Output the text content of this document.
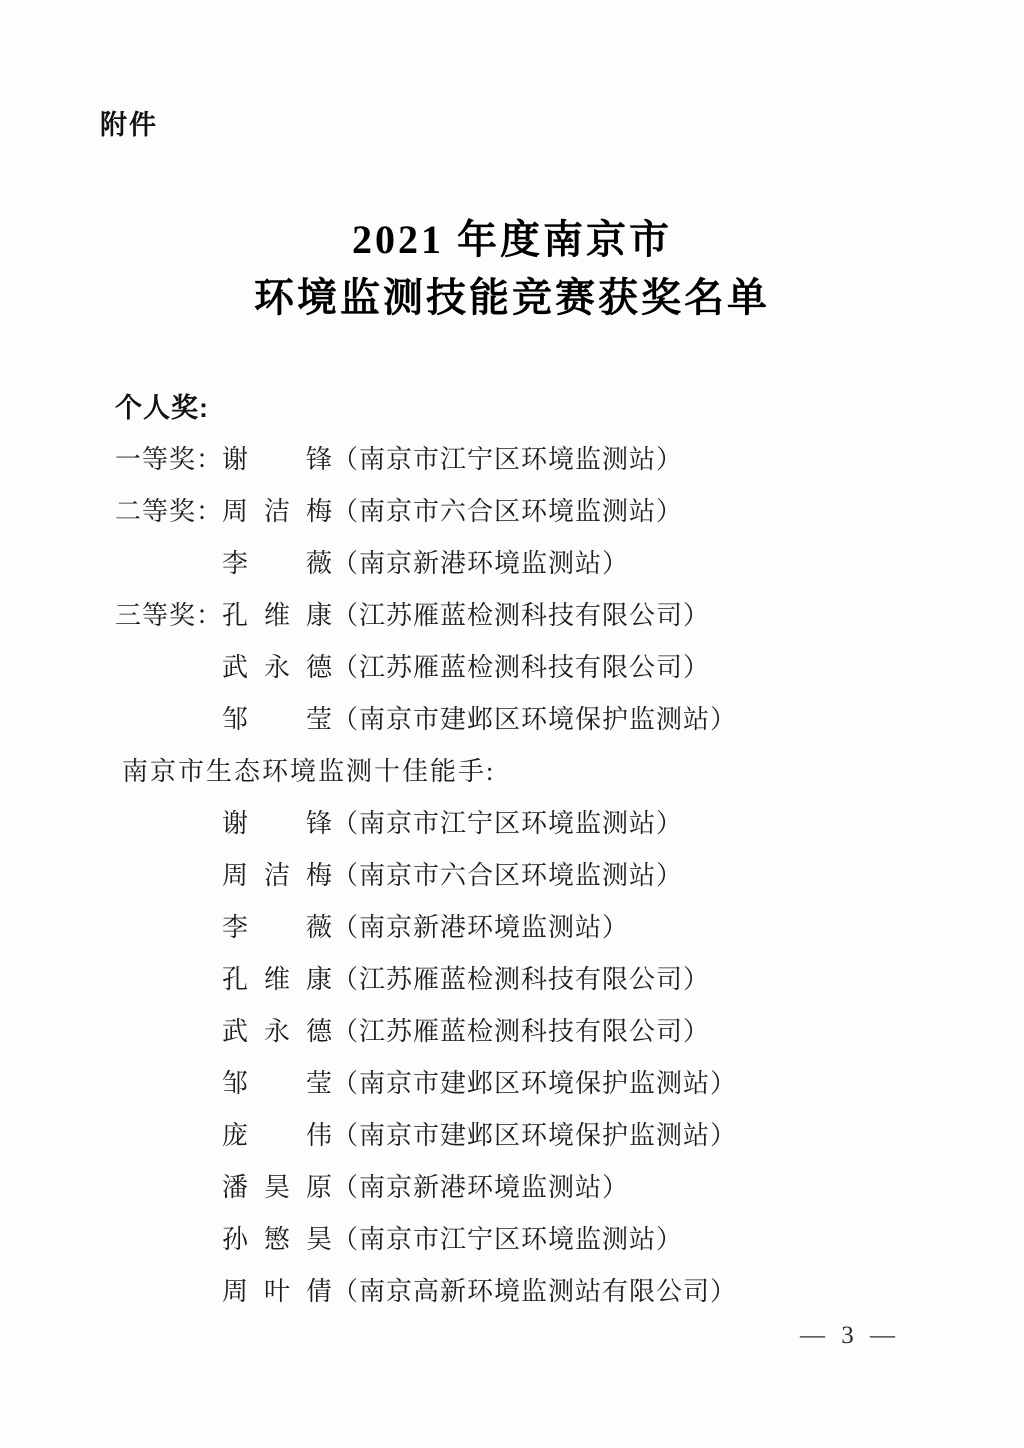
附件
2021 年度南京市
环境监测技能竞赛获奖名单
个人奖:
一等奖：
谢　锋 （南京市江宁区环境监测站）
二等奖：
周洁梅 （南京市六合区环境监测站）
李　薇 （南京新港环境监测站）
三等奖：
孔维康 （江苏雁蓝检测科技有限公司）
武永德 （江苏雁蓝检测科技有限公司）
邹　莹 （南京市建邺区环境保护监测站）
南京市生态环境监测十佳能手:
谢　锋 （南京市江宁区环境监测站）
周洁梅 （南京市六合区环境监测站）
李　薇 （南京新港环境监测站）
孔维康 （江苏雁蓝检测科技有限公司）
武永德 （江苏雁蓝检测科技有限公司）
邹　莹 （南京市建邺区环境保护监测站）
庞　伟 （南京市建邺区环境保护监测站）
潘昊原 （南京新港环境监测站）
孙慜昊 （南京市江宁区环境监测站）
周叶倩 （南京高新环境监测站有限公司）
— 3 —
